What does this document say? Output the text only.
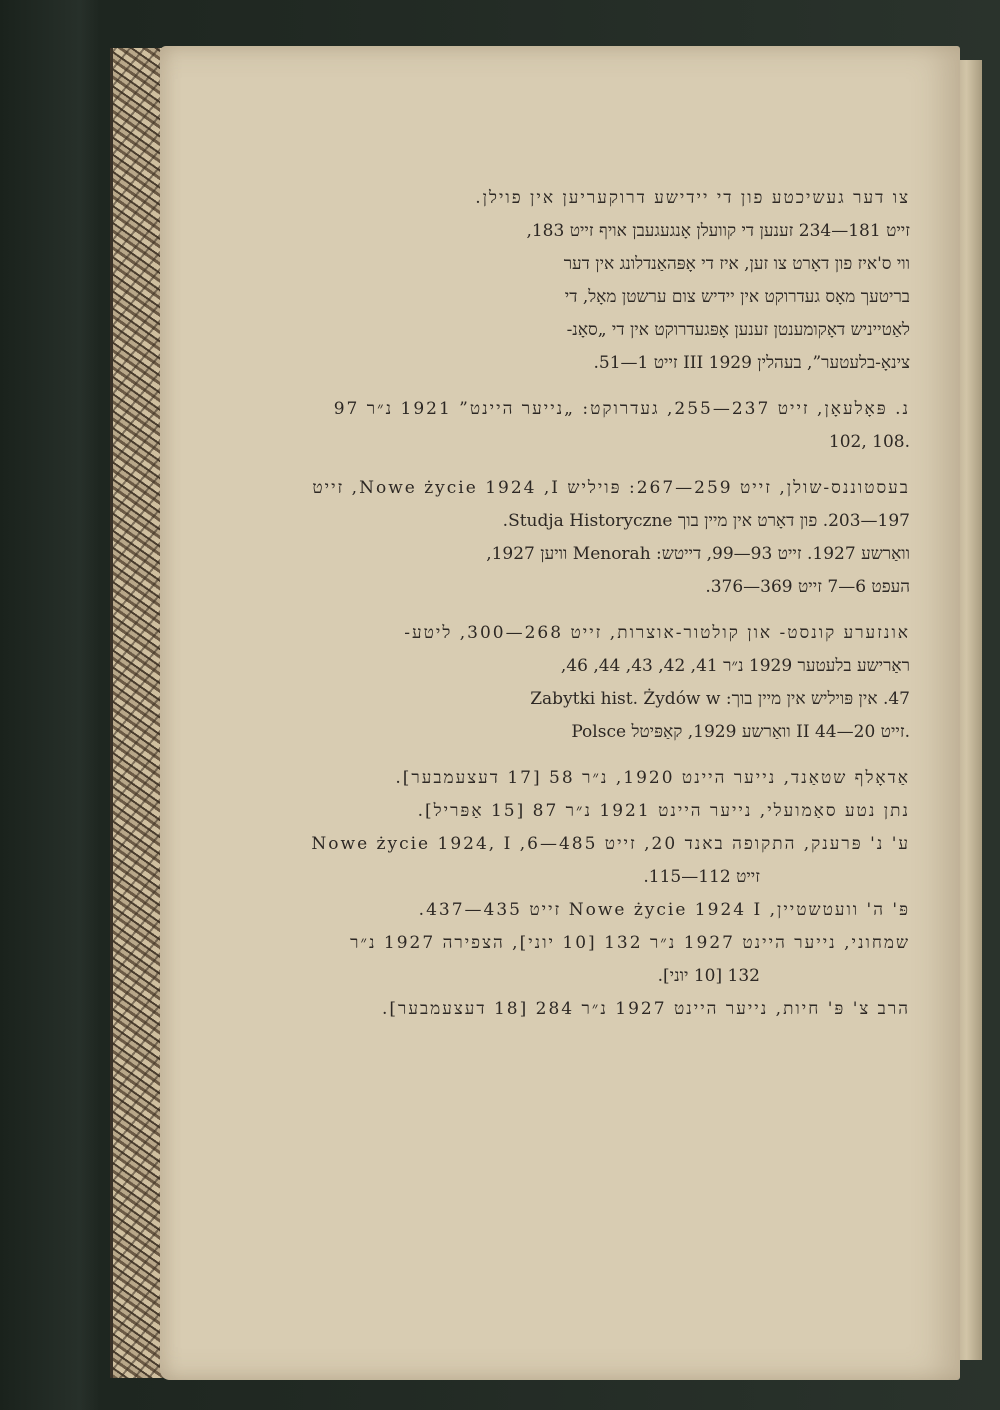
צו דער געשיכטע פון די יידישע דרוקעריען אין פוילן.
זייט 181—234 זענען די קוועלן אָנגעגעבן אויף זייט 183,
ווי ס'איז פון דאָרט צו זען, איז די אָפּהאַנדלונג אין דער
בריטעך מאָס געדרוקט אין יידיש צום ערשטן מאָל, די
לאַטייניש דאָקומענטן זענען אָפּגעדרוקט אין די „סאָנ-
צינאָ-בלעטער”, בעהלין III 1929 זייט 1—51.
נ. פּאָלעאָן, זייט 237—255, געדרוקט: „נייער היינט” 1921 נ״ר 97
102, 108.
בעסטוננס-שולן, זייט 259—267: פּויליש Nowe życie 1924 ,I, זייט
197—203. פון דאָרט אין מיין בוך Studja Historyczne.
וואַרשע 1927. זייט 93—99, דייטש: Menorah וויען 1927,
העפט 6—7 זייט 369—376.
אונזערע קונסט- און קולטור-אוצרות, זייט 268—300, ליטע-
ראַרישע בלעטער 1929 נ״ר 41, 42, 43, 44, 46,
47. אין פּויליש אין מיין בוך: Zabytki hist. Żydów w
Polsce וואַרשע 1929, קאַפּיטל II זייט 20—44.
אַדאָלף שטאַנד, נייער היינט 1920, נ״ר 58 [17 דעצעמבער].
נתן נטע סאַמועלי, נייער היינט 1921 נ״ר 87 [15 אַפּריל].
ע' נ' פּרענק, התקופה באנד 20, זייט 485—6, Nowe życie 1924, I
זייט 112—115.
פּ' ה' וועטשטיין, Nowe życie 1924 I זייט 435—437.
שמחוני, נייער היינט 1927 נ״ר 132 [10 יוני], הצפירה 1927 נ״ר
132 [10 יוני].
הרב צ' פּ' חיות, נייער היינט 1927 נ״ר 284 [18 דעצעמבער].
